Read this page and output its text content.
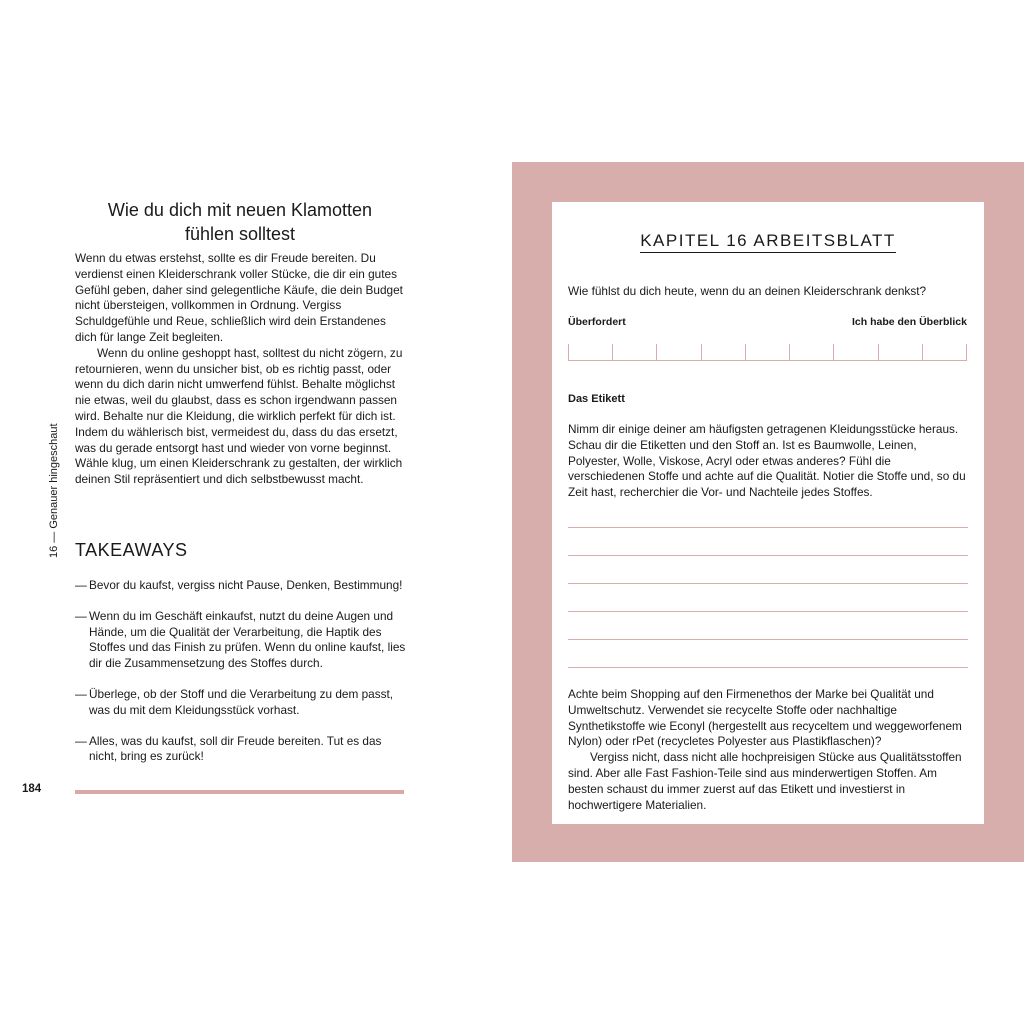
16 — Genauer hingeschaut
184
Wie du dich mit neuen Klamotten
fühlen solltest

Wenn du etwas erstehst, sollte es dir Freude bereiten. Du verdienst einen Kleiderschrank voller Stücke, die dir ein gutes Gefühl geben, daher sind gelegentliche Käufe, die dein Budget nicht übersteigen, vollkommen in Ordnung. Vergiss Schuldgefühle und Reue, schließlich wird dein Erstandenes dich für lange Zeit begleiten.

Wenn du online geshoppt hast, solltest du nicht zögern, zu retournieren, wenn du unsicher bist, ob es richtig passt, oder wenn du dich darin nicht umwerfend fühlst. Behalte möglichst nie etwas, weil du glaubst, dass es schon irgendwann passen wird. Behalte nur die Kleidung, die wirklich perfekt für dich ist. Indem du wählerisch bist, vermeidest du, dass du das ersetzt, was du gerade entsorgt hast und wieder von vorne beginnst. Wähle klug, um einen Kleiderschrank zu gestalten, der wirklich deinen Stil repräsentiert und dich selbstbewusst macht.

TAKEAWAYS
— Bevor du kaufst, vergiss nicht Pause, Denken, Bestimmung!
— Wenn du im Geschäft einkaufst, nutzt du deine Augen und Hände, um die Qualität der Verarbeitung, die Haptik des Stoffes und das Finish zu prüfen. Wenn du online kaufst, lies dir die Zusammensetzung des Stoffes durch.
— Überlege, ob der Stoff und die Verarbeitung zu dem passt, was du mit dem Kleidungsstück vorhast.
— Alles, was du kaufst, soll dir Freude bereiten. Tut es das nicht, bring es zurück!
KAPITEL 16 ARBEITSBLATT
Wie fühlst du dich heute, wenn du an deinen Kleiderschrank denkst?
Überfordert	Ich habe den Überblick
Das Etikett
Nimm dir einige deiner am häufigsten getragenen Kleidungsstücke heraus. Schau dir die Etiketten und den Stoff an. Ist es Baumwolle, Leinen, Polyester, Wolle, Viskose, Acryl oder etwas anderes? Fühl die verschiedenen Stoffe und achte auf die Qualität. Notier die Stoffe und, so du Zeit hast, recherchier die Vor- und Nachteile jedes Stoffes.

Achte beim Shopping auf den Firmenethos der Marke bei Qualität und Umweltschutz. Verwendet sie recycelte Stoffe oder nachhaltige Synthetikstoffe wie Econyl (hergestellt aus recyceltem und weggeworfenem Nylon) oder rPet (recycletes Polyester aus Plastikflaschen)?

Vergiss nicht, dass nicht alle hochpreisigen Stücke aus Qualitätsstoffen sind. Aber alle Fast Fashion-Teile sind aus minderwertigen Stoffen. Am besten schaust du immer zuerst auf das Etikett und investierst in hochwertigere Materialien.
